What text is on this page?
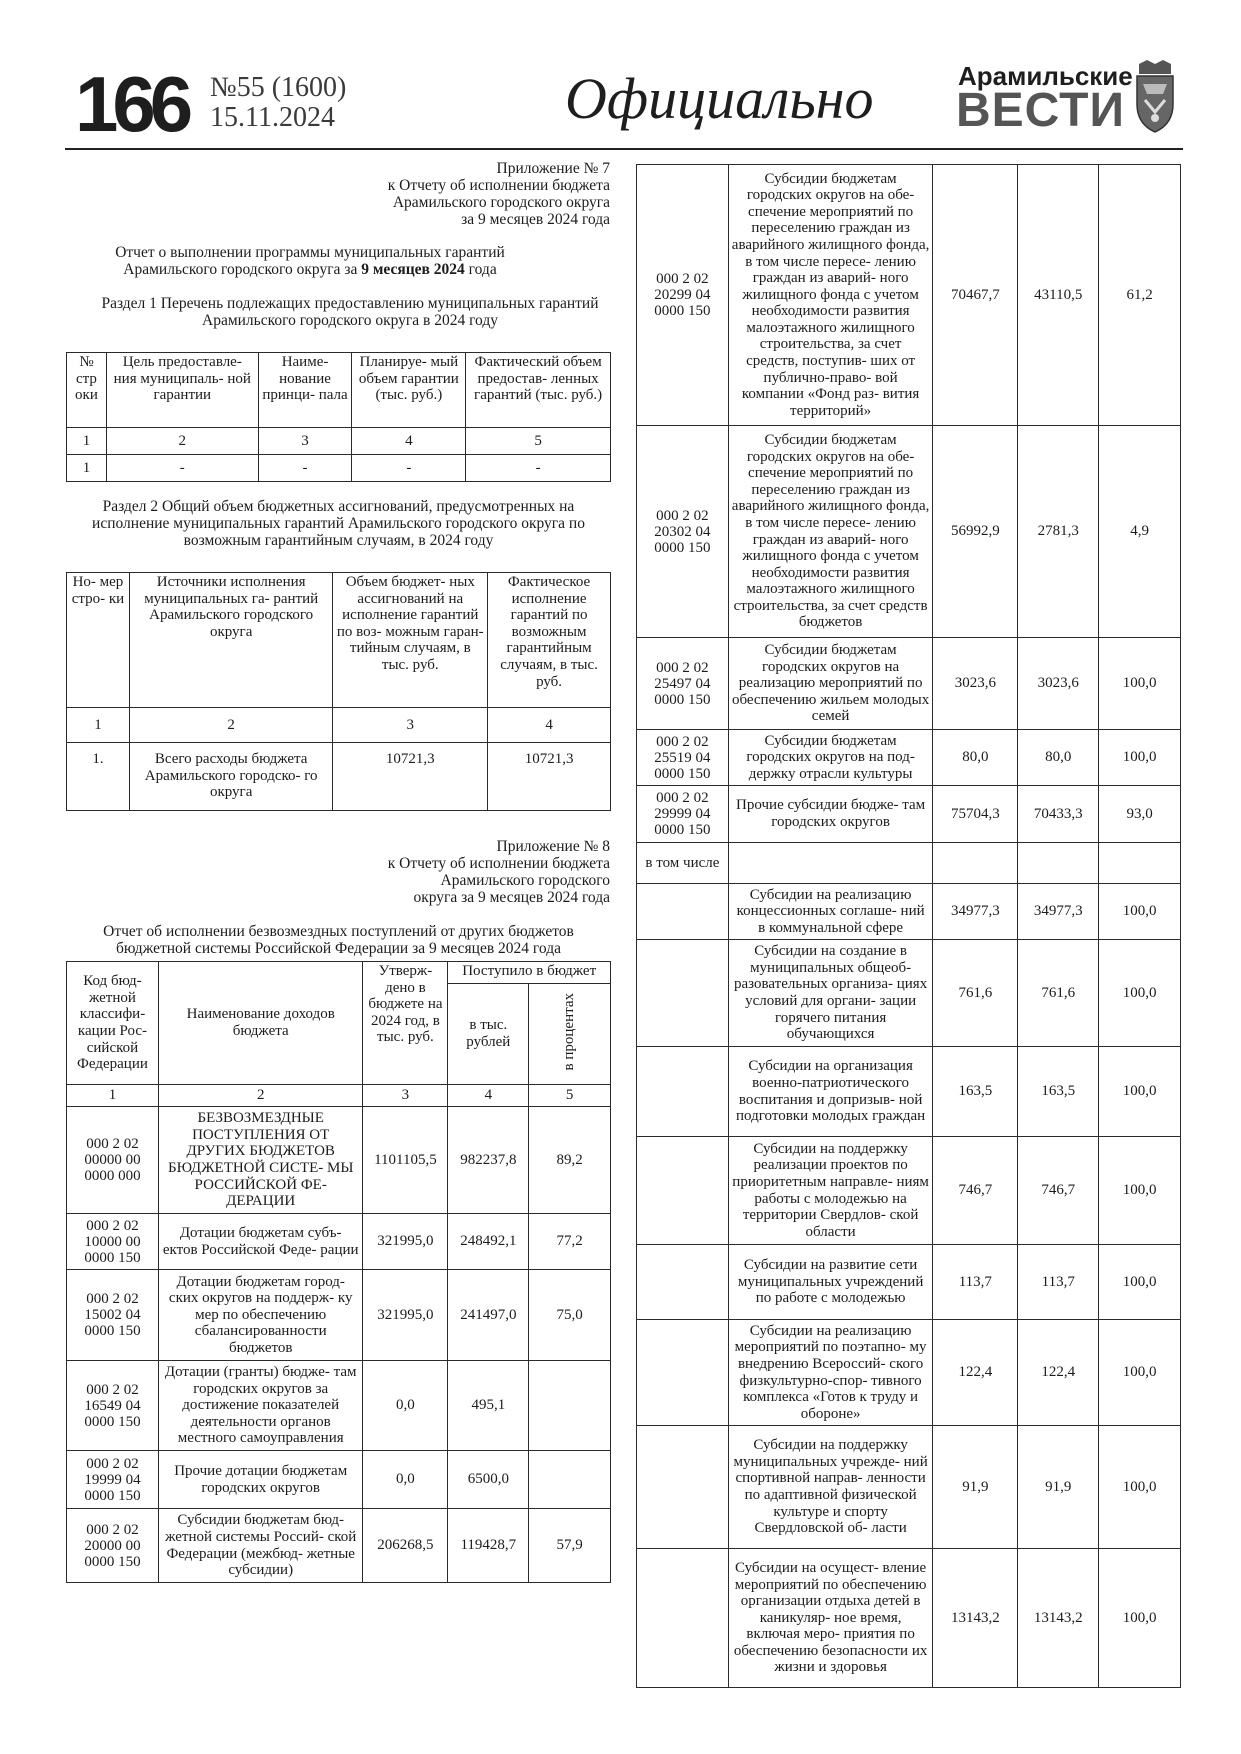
166 №55 (1600)
15.11.2024	Официально	Арамильские
ВЕСТИ
Приложение № 7
к Отчету об исполнении бюджета
Арамильского городского округа
за 9 месяцев 2024 года
Отчет о выполнении программы муниципальных гарантий
Арамильского городского округа за 9 месяцев 2024 года
Раздел 1 Перечень подлежащих предоставлению муниципальных гарантий Арамильского городского округа в 2024 году
№ стр оки	Цель предоставле- ния муниципаль- ной гарантии	Наиме- нование принци- пала	Планируе- мый объем гарантии (тыс. руб.)	Фактический объем предостав- ленных гарантий (тыс. руб.)
1	2	3	4	5
1	-	-	-	-
Раздел 2 Общий объем бюджетных ассигнований, предусмотренных на исполнение муниципальных гарантий Арамильского городского округа по возможным гарантийным случаям, в 2024 году
Но- мер стро- ки	Источники исполнения муниципальных га- рантий Арамильского городского округа	Объем бюджет- ных ассигнований на исполнение гарантий по воз- можным гаран- тийным случаям, в тыс. руб.	Фактическое исполнение гарантий по возможным гарантийным случаям, в тыс. руб.
1	2	3	4
1.	Всего расходы бюджета Арамильского городско- го округа	10721,3	10721,3
Приложение № 8
к Отчету об исполнении бюджета
Арамильского городского
округа за 9 месяцев 2024 года
Отчет об исполнении безвозмездных поступлений от других бюджетов бюджетной системы Российской Федерации за 9 месяцев 2024 года
Код бюд- жетной классифи- кации Рос- сийской Федерации	Наименование доходов бюджета	Утверж- дено в бюджете на 2024 год, в тыс. руб.	Поступило в бюджет	
			в тыс. рублей	в процентах
1	2	3	4	5
000 2 02 00000 00 0000 000	БЕЗВОЗМЕЗДНЫЕ ПОСТУПЛЕНИЯ ОТ ДРУГИХ БЮДЖЕТОВ БЮДЖЕТНОЙ СИСТЕ- МЫ РОССИЙСКОЙ ФЕ- ДЕРАЦИИ	1101105,5	982237,8	89,2
000 2 02 10000 00 0000 150	Дотации бюджетам субъ- ектов Российской Феде- рации	321995,0	248492,1	77,2
000 2 02 15002 04 0000 150	Дотации бюджетам город- ских округов на поддерж- ку мер по обеспечению сбалансированности бюджетов	321995,0	241497,0	75,0
000 2 02 16549 04 0000 150	Дотации (гранты) бюдже- там городских округов за достижение показателей деятельности органов местного самоуправления	0,0	495,1	
000 2 02 19999 04 0000 150	Прочие дотации бюджетам городских округов	0,0	6500,0	
000 2 02 20000 00 0000 150	Субсидии бюджетам бюд- жетной системы Россий- ской Федерации (межбюд- жетные субсидии)	206268,5	119428,7	57,9
000 2 02 20299 04 0000 150	Субсидии бюджетам городских округов на обе- спечение мероприятий по переселению граждан из аварийного жилищного фонда, в том числе пересе- лению граждан из аварий- ного жилищного фонда с учетом необходимости развития малоэтажного жилищного строительства, за счет средств, поступив- ших от публично-право- вой компании «Фонд раз- вития территорий»	70467,7	43110,5	61,2
000 2 02 20302 04 0000 150	Субсидии бюджетам городских округов на обе- спечение мероприятий по переселению граждан из аварийного жилищного фонда, в том числе пересе- лению граждан из аварий- ного жилищного фонда с учетом необходимости развития малоэтажного жилищного строительства, за счет средств бюджетов	56992,9	2781,3	4,9
000 2 02 25497 04 0000 150	Субсидии бюджетам городских округов на реализацию мероприятий по обеспечению жильем молодых семей	3023,6	3023,6	100,0
000 2 02 25519 04 0000 150	Субсидии бюджетам городских округов на под- держку отрасли культуры	80,0	80,0	100,0
000 2 02 29999 04 0000 150	Прочие субсидии бюдже- там городских округов	75704,3	70433,3	93,0
в том числе				
	Субсидии на реализацию концессионных соглаше- ний в коммунальной сфере	34977,3	34977,3	100,0
	Субсидии на создание в муниципальных общеоб- разовательных организа- циях условий для органи- зации горячего питания обучающихся	761,6	761,6	100,0
	Субсидии на организация военно-патриотического воспитания и допризыв- ной подготовки молодых граждан	163,5	163,5	100,0
	Субсидии на поддержку реализации проектов по приоритетным направле- ниям работы с молодежью на территории Свердлов- ской области	746,7	746,7	100,0
	Субсидии на развитие сети муниципальных учреждений по работе с молодежью	113,7	113,7	100,0
	Субсидии на реализацию мероприятий по поэтапно- му внедрению Всероссий- ского физкультурно-спор- тивного комплекса «Готов к труду и обороне»	122,4	122,4	100,0
	Субсидии на поддержку муниципальных учрежде- ний спортивной направ- ленности по адаптивной физической культуре и спорту Свердловской об- ласти	91,9	91,9	100,0
	Субсидии на осущест- вление мероприятий по обеспечению организации отдыха детей в каникуляр- ное время, включая меро- приятия по обеспечению безопасности их жизни и здоровья	13143,2	13143,2	100,0
